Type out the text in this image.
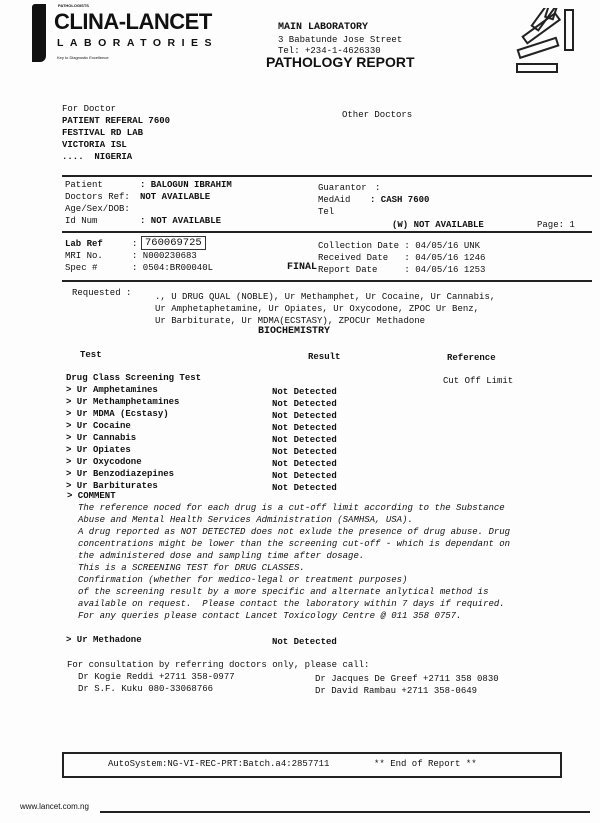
PATHOLOGISTS
CLINA-LANCET
LABORATORIES
Key to Diagnostic Excellence
MAIN LABORATORY
3 Babatunde Jose Street
Tel: +234-1-4626330
PATHOLOGY REPORT
For Doctor
PATIENT REFERAL 7600
FESTIVAL RD LAB
VICTORIA ISL
....  NIGERIA
Other Doctors
Patient	: BALOGUN IBRAHIM
Doctors Ref: NOT AVAILABLE
Age/Sex/DOB:
Id Num	: NOT AVAILABLE
Guarantor :
MedAid : CASH 7600
Tel
(W) NOT AVAILABLE	Page: 1
Lab Ref	: 760069725
MRI No.	: N000230683
Spec #	: 0504:BR00040L	FINAL
Collection Date : 04/05/16 UNK
Received Date   : 04/05/16 1246
Report Date     : 04/05/16 1253
Requested :	., U DRUG QUAL (NOBLE), Ur Methamphet, Ur Cocaine, Ur Cannabis,
Ur Amphetaphetamine, Ur Opiates, Ur Oxycodone, ZPOC Ur Benz,
Ur Barbiturate, Ur MDMA(ECSTASY), ZPOCUr Methadone
BIOCHEMISTRY
Test	Result	Reference
Drug Class Screening Test	Cut Off Limit
> Ur Amphetamines	Not Detected
> Ur Methamphetamines	Not Detected
> Ur MDMA (Ecstasy)	Not Detected
> Ur Cocaine	Not Detected
> Ur Cannabis	Not Detected
> Ur Opiates	Not Detected
> Ur Oxycodone	Not Detected
> Ur Benzodiazepines	Not Detected
> Ur Barbiturates	Not Detected
> COMMENT
The reference noced for each drug is a cut-off limit according to the Substance
Abuse and Mental Health Services Administration (SAMHSA, USA).
A drug reported as NOT DETECTED does not exlude the presence of drug abuse. Drug
concentrations might be lower than the screening cut-off - which is dependant on
the administered dose and sampling time after dosage.
This is a SCREENING TEST for DRUG CLASSES.
Confirmation (whether for medico-legal or treatment purposes)
of the screening result by a more specific and alternate anlytical method is
available on request.  Please contact the laboratory within 7 days if required.
For any queries please contact Lancet Toxicology Centre @ 011 358 0757.
> Ur Methadone	Not Detected
For consultation by referring doctors only, please call:
Dr Kogie Reddi +2711 358-0977	Dr Jacques De Greef +2711 358 0830
Dr S.F. Kuku 080-33068766	Dr David Rambau +2711 358-0649

AutoSystem:NG-VI-REC-PRT:Batch.a4:2857711

	** End of Report **

www.lancet.com.ng
